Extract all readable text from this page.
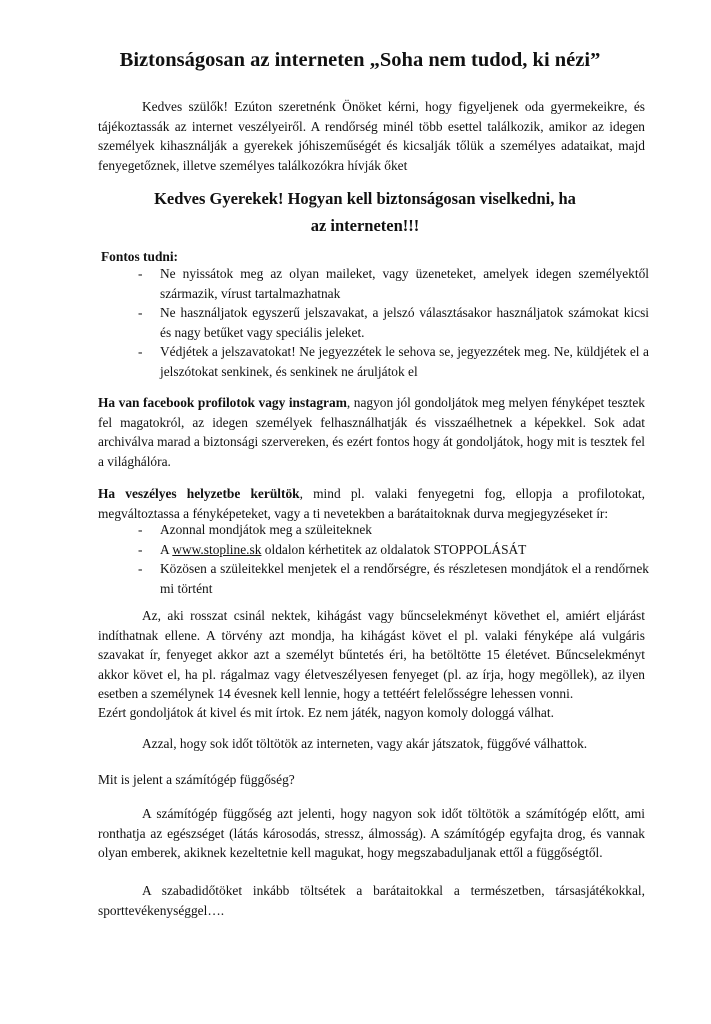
Biztonságosan az interneten „Soha nem tudod, ki nézi”

Kedves szülők! Ezúton szeretnénk Önöket kérni, hogy figyeljenek oda gyermekeikre, és tájékoztassák az internet veszélyeiről. A rendőrség minél több esettel találkozik, amikor az idegen személyek kihasználják a gyerekek jóhiszeműségét és kicsalják tőlük a személyes adataikat, majd fenyegetőznek, illetve személyes találkozókra hívják őket

Kedves Gyerekek! Hogyan kell biztonságosan viselkedni, ha az interneten!!!

Fontos tudni:

- Ne nyissátok meg az olyan maileket, vagy üzeneteket, amelyek idegen személyektől származik, vírust tartalmazhatnak
- Ne használjatok egyszerű jelszavakat, a jelszó választásakor használjatok számokat kicsi és nagy betűket vagy speciális jeleket.
- Védjétek a jelszavatokat! Ne jegyezzétek le sehova se, jegyezzétek meg. Ne, küldjétek el a jelszótokat senkinek, és senkinek ne áruljátok el

Ha van facebook profilotok vagy instagram, nagyon jól gondoljátok meg melyen fényképet tesztek fel magatokról, az idegen személyek felhasználhatják és visszaélhetnek a képekkel. Sok adat archiválva marad a biztonsági szervereken, és ezért fontos hogy át gondoljátok, hogy mit is tesztek fel a világhálóra.

Ha veszélyes helyzetbe kerültök, mind pl. valaki fenyegetni fog, ellopja a profilotokat, megváltoztassa a fényképeteket, vagy a ti nevetekben a barátaitoknak durva megjegyzéseket ír:

- Azonnal mondjátok meg a szüleiteknek
- A www.stopline.sk oldalon kérhetitek az oldalatok STOPPOLÁSÁT
- Közösen a szüleitekkel menjetek el a rendőrségre, és részletesen mondjátok el a rendőrnek mi történt

Az, aki rosszat csinál nektek, kihágást vagy bűncselekményt követhet el, amiért eljárást indíthatnak ellene. A törvény azt mondja, ha kihágást követ el pl. valaki fényképe alá vulgáris szavakat ír, fenyeget akkor azt a személyt bűntetés éri, ha betöltötte 15 életévet. Bűncselekményt akkor követ el, ha pl. rágalmaz vagy életveszélyesen fenyeget (pl. az írja, hogy megöllek), az ilyen esetben a személynek 14 évesnek kell lennie, hogy a tettéért felelősségre lehessen vonni.

Ezért gondoljátok át kivel és mit írtok. Ez nem játék, nagyon komoly dologgá válhat.

Azzal, hogy sok időt töltötök az interneten, vagy akár játszatok, függővé válhattok.

Mit is jelent a számítógép függőség?

A számítógép függőség azt jelenti, hogy nagyon sok időt töltötök a számítógép előtt, ami ronthatja az egészséget (látás károsodás, stressz, álmosság). A számítógép egyfajta drog, és vannak olyan emberek, akiknek kezeltetnie kell magukat, hogy megszabaduljanak ettől a függőségtől.

A szabadidőtöket inkább töltsétek a barátaitokkal a természetben, társasjátékokkal, sporttevékenységgel….
